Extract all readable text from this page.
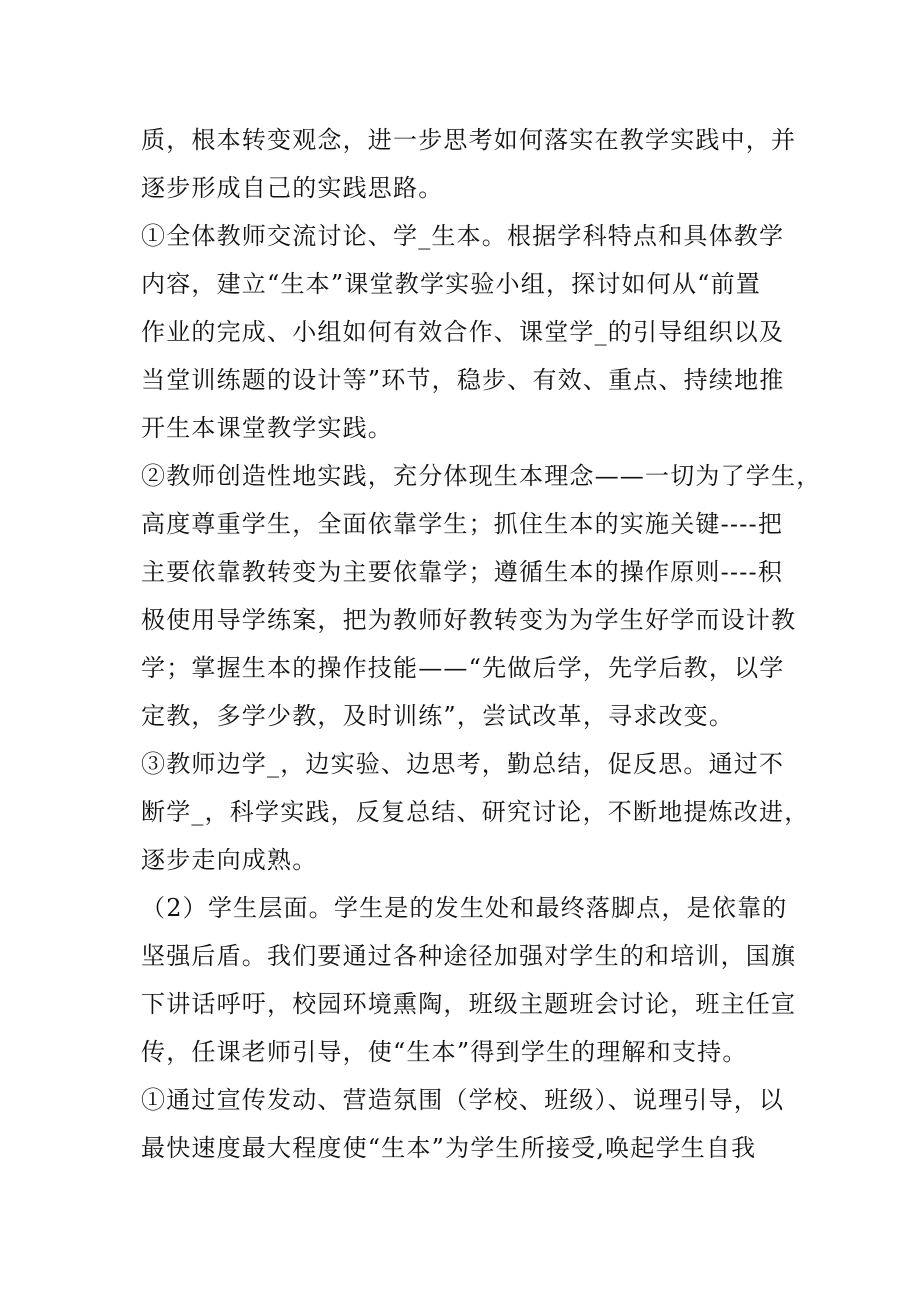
质，根本转变观念，进一步思考如何落实在教学实践中，并
逐步形成自己的实践思路。
①全体教师交流讨论、学_生本。根据学科特点和具体教学
内容，建立“生本”课堂教学实验小组，探讨如何从“前置
作业的完成、小组如何有效合作、课堂学_的引导组织以及
当堂训练题的设计等”环节，稳步、有效、重点、持续地推
开生本课堂教学实践。
②教师创造性地实践，充分体现生本理念——一切为了学生，
高度尊重学生，全面依靠学生；抓住生本的实施关键----把
主要依靠教转变为主要依靠学；遵循生本的操作原则----积
极使用导学练案，把为教师好教转变为为学生好学而设计教
学；掌握生本的操作技能——“先做后学，先学后教，以学
定教，多学少教，及时训练”，尝试改革，寻求改变。
③教师边学_，边实验、边思考，勤总结，促反思。通过不
断学_，科学实践，反复总结、研究讨论，不断地提炼改进，
逐步走向成熟。
（2）学生层面。学生是的发生处和最终落脚点，是依靠的
坚强后盾。我们要通过各种途径加强对学生的和培训，国旗
下讲话呼吁，校园环境熏陶，班级主题班会讨论，班主任宣
传，任课老师引导，使“生本”得到学生的理解和支持。
①通过宣传发动、营造氛围（学校、班级）、说理引导，以
最快速度最大程度使“生本”为学生所接受,唤起学生自我
